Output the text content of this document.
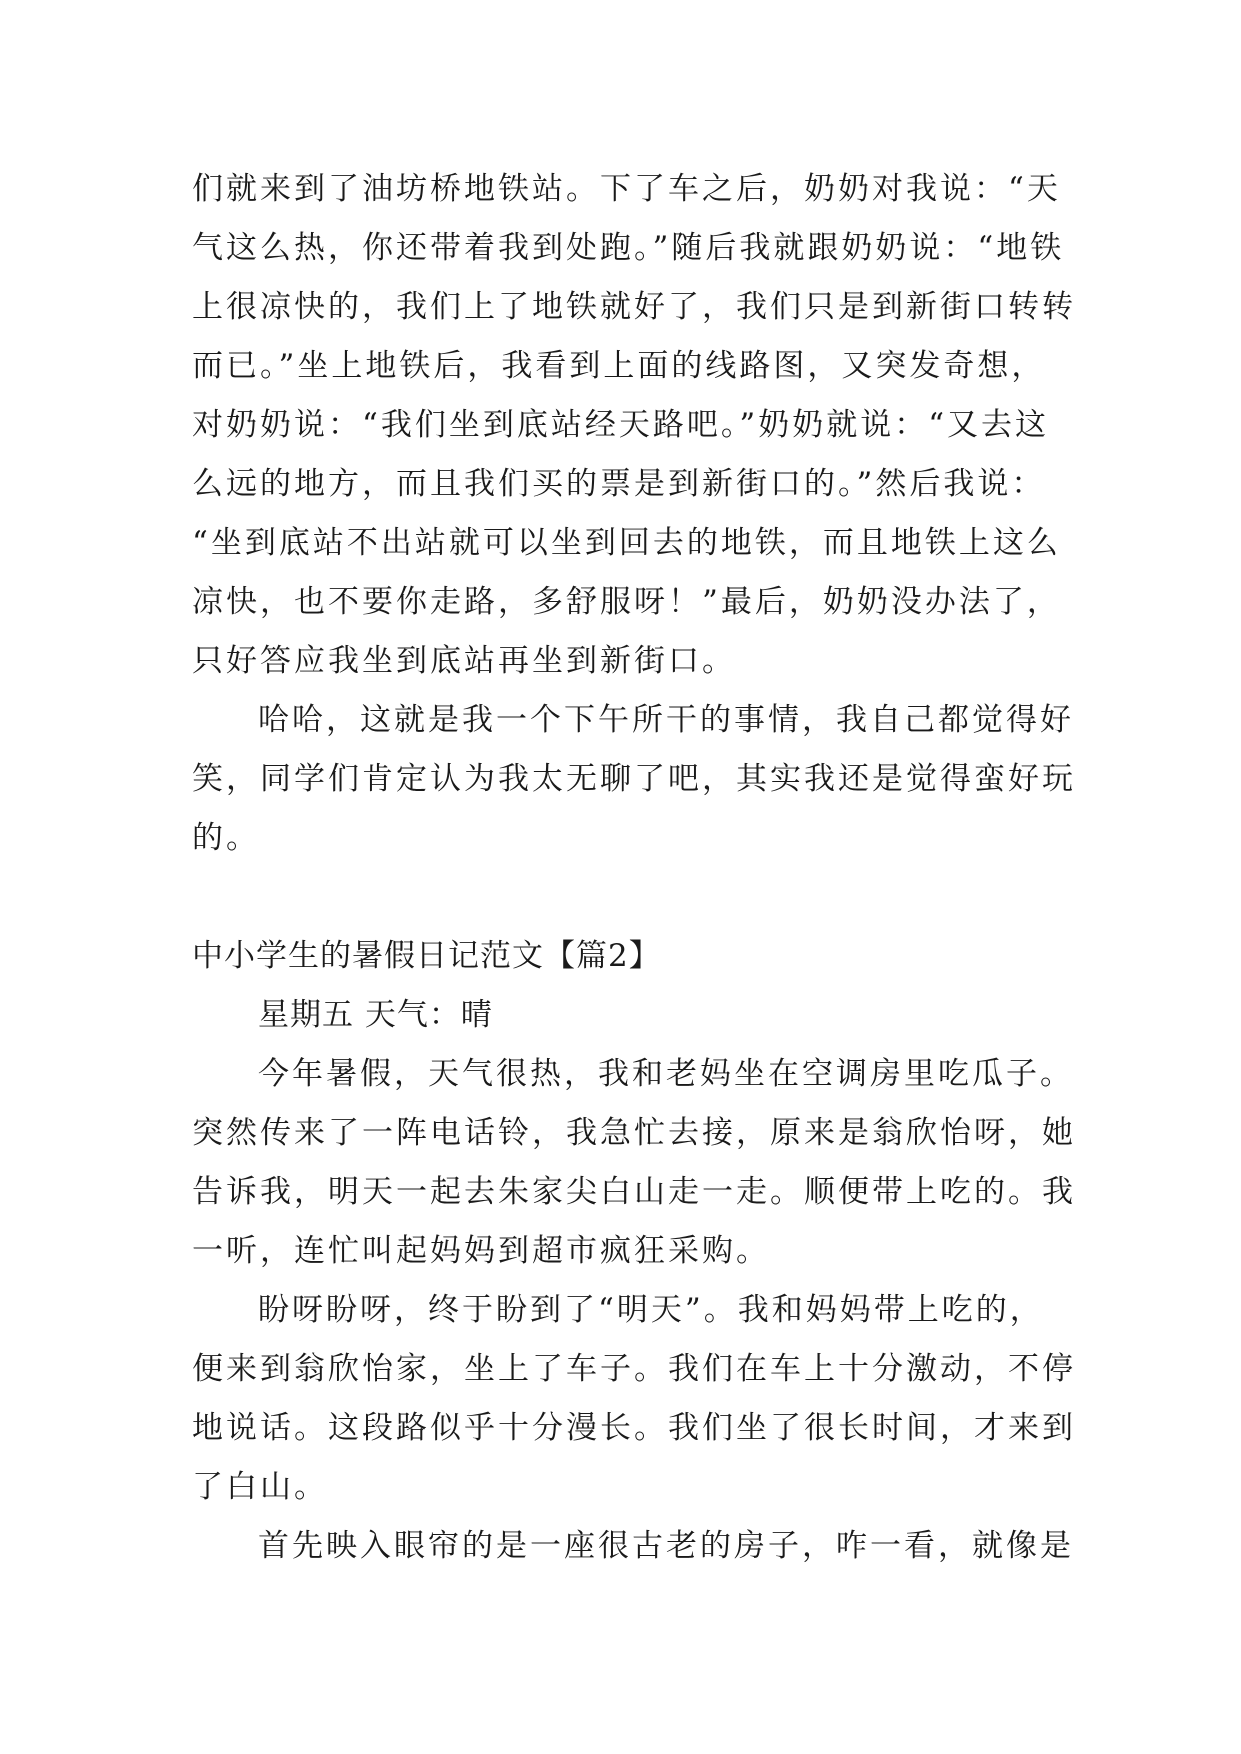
们就来到了油坊桥地铁站。下了车之后，奶奶对我说：“天
气这么热，你还带着我到处跑。”随后我就跟奶奶说：“地铁
上很凉快的，我们上了地铁就好了，我们只是到新街口转转
而已。”坐上地铁后，我看到上面的线路图，又突发奇想，
对奶奶说：“我们坐到底站经天路吧。”奶奶就说：“又去这
么远的地方，而且我们买的票是到新街口的。”然后我说：
“坐到底站不出站就可以坐到回去的地铁，而且地铁上这么
凉快，也不要你走路，多舒服呀！”最后，奶奶没办法了，
只好答应我坐到底站再坐到新街口。
哈哈，这就是我一个下午所干的事情，我自己都觉得好
笑，同学们肯定认为我太无聊了吧，其实我还是觉得蛮好玩
的。
中小学生的暑假日记范文【篇2】
星期五 天气：晴
今年暑假，天气很热，我和老妈坐在空调房里吃瓜子。
突然传来了一阵电话铃，我急忙去接，原来是翁欣怡呀，她
告诉我，明天一起去朱家尖白山走一走。顺便带上吃的。我
一听，连忙叫起妈妈到超市疯狂采购。
盼呀盼呀，终于盼到了“明天”。我和妈妈带上吃的，
便来到翁欣怡家，坐上了车子。我们在车上十分激动，不停
地说话。这段路似乎十分漫长。我们坐了很长时间，才来到
了白山。
首先映入眼帘的是一座很古老的房子，咋一看，就像是
